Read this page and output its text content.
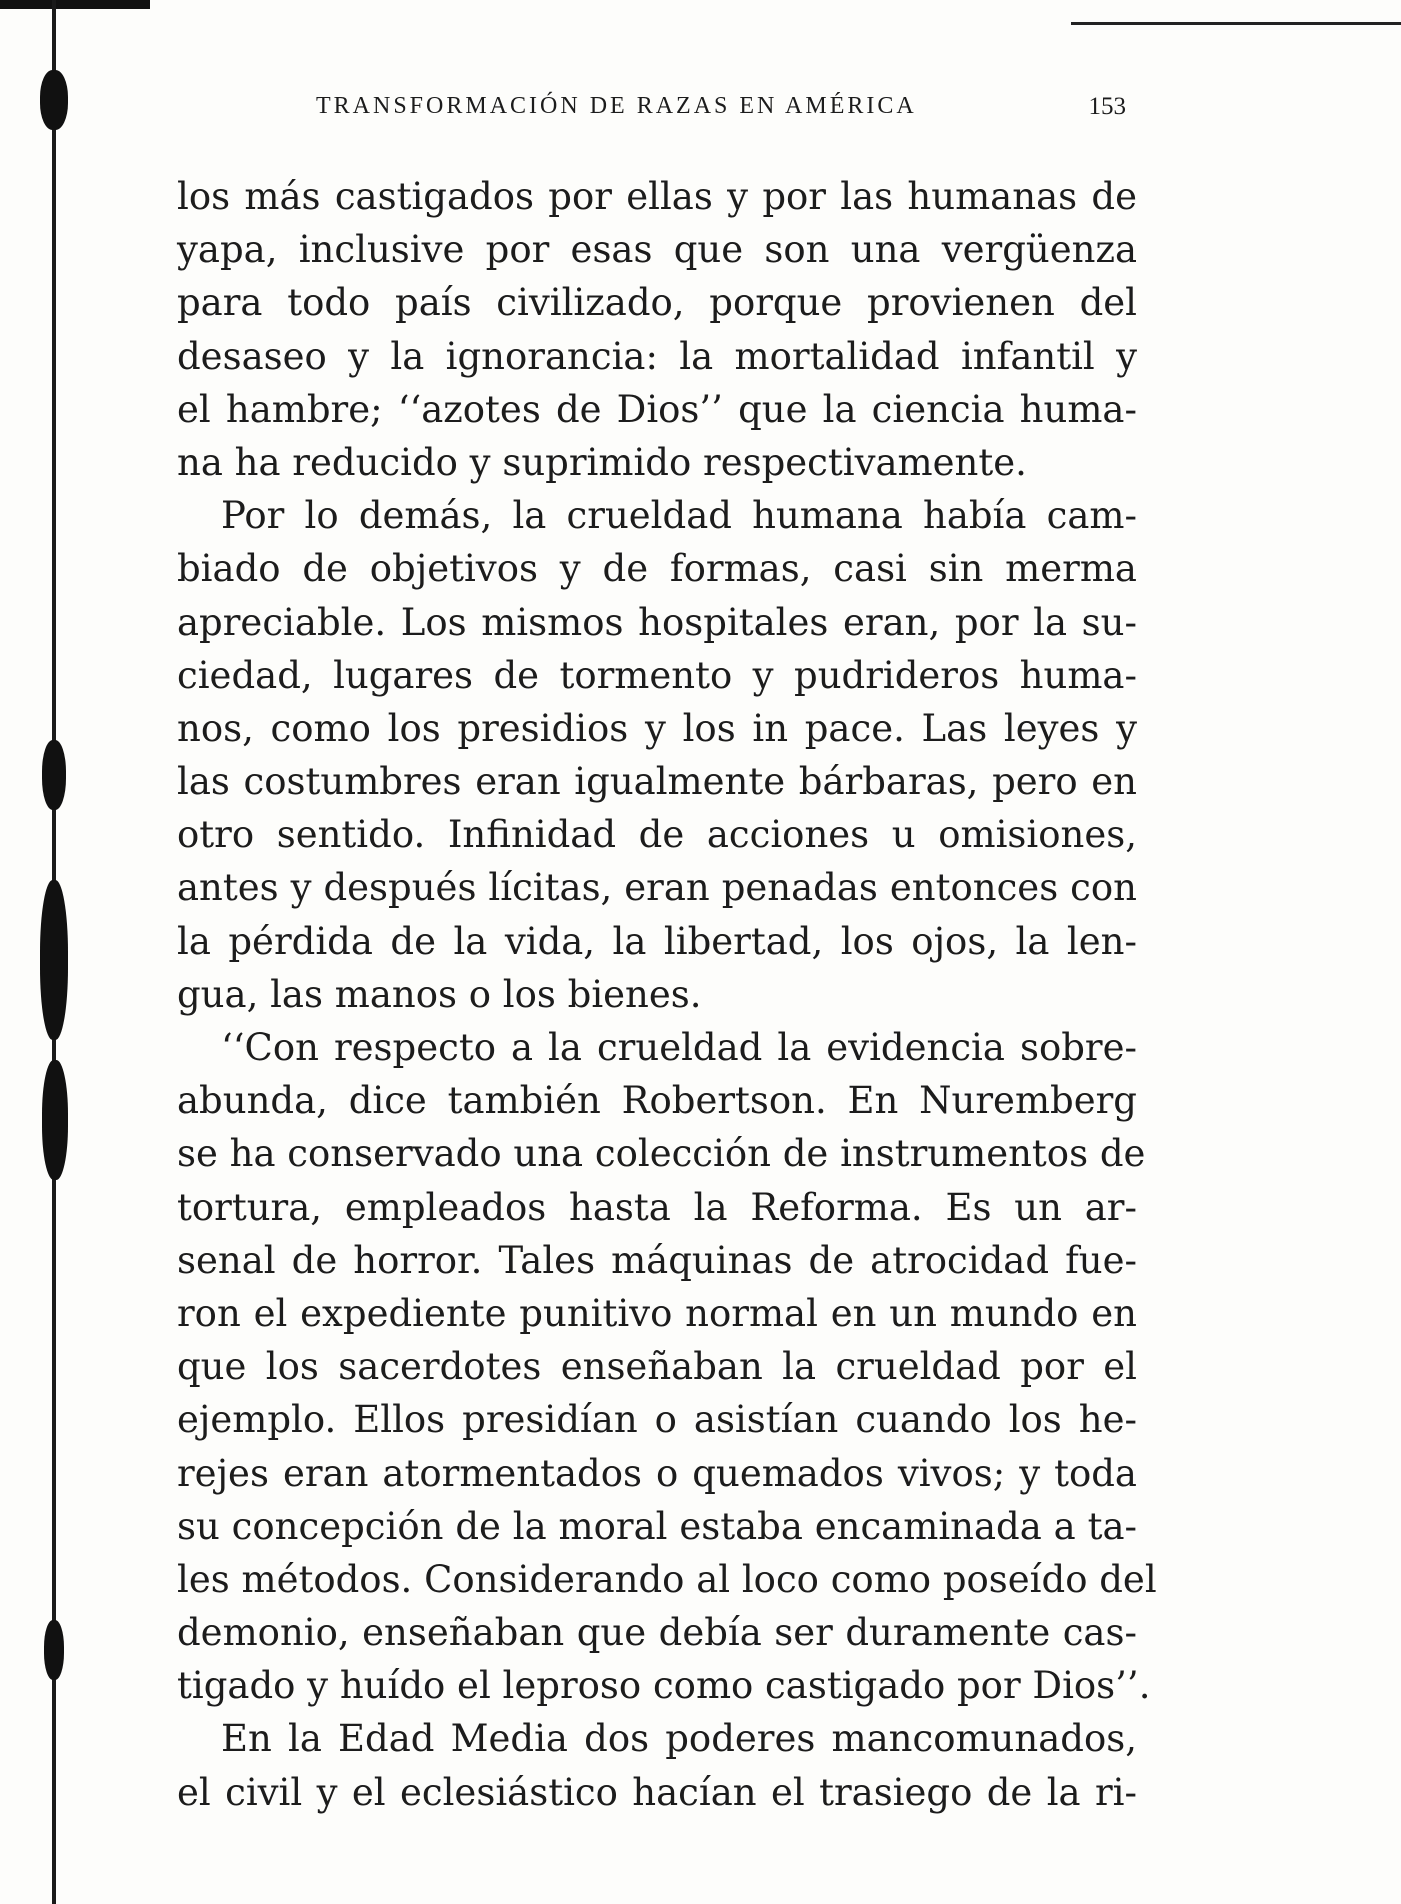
TRANSFORMACIÓN DE RAZAS EN AMÉRICA	153
los más castigados por ellas y por las humanas de
yapa, inclusive por esas que son una vergüenza
para todo país civilizado, porque provienen del
desaseo y la ignorancia: la mortalidad infantil y
el hambre; ‘‘azotes de Dios’’ que la ciencia huma-
na ha reducido y suprimido respectivamente.
Por lo demás, la crueldad humana había cam-
biado de objetivos y de formas, casi sin merma
apreciable. Los mismos hospitales eran, por la su-
ciedad, lugares de tormento y pudrideros huma-
nos, como los presidios y los in pace. Las leyes y
las costumbres eran igualmente bárbaras, pero en
otro sentido. Infinidad de acciones u omisiones,
antes y después lícitas, eran penadas entonces con
la pérdida de la vida, la libertad, los ojos, la len-
gua, las manos o los bienes.
‘‘Con respecto a la crueldad la evidencia sobre-
abunda, dice también Robertson. En Nuremberg
se ha conservado una colección de instrumentos de
tortura, empleados hasta la Reforma. Es un ar-
senal de horror. Tales máquinas de atrocidad fue-
ron el expediente punitivo normal en un mundo en
que los sacerdotes enseñaban la crueldad por el
ejemplo. Ellos presidían o asistían cuando los he-
rejes eran atormentados o quemados vivos; y toda
su concepción de la moral estaba encaminada a ta-
les métodos. Considerando al loco como poseído del
demonio, enseñaban que debía ser duramente cas-
tigado y huído el leproso como castigado por Dios’’.
En la Edad Media dos poderes mancomunados,
el civil y el eclesiástico hacían el trasiego de la ri-
